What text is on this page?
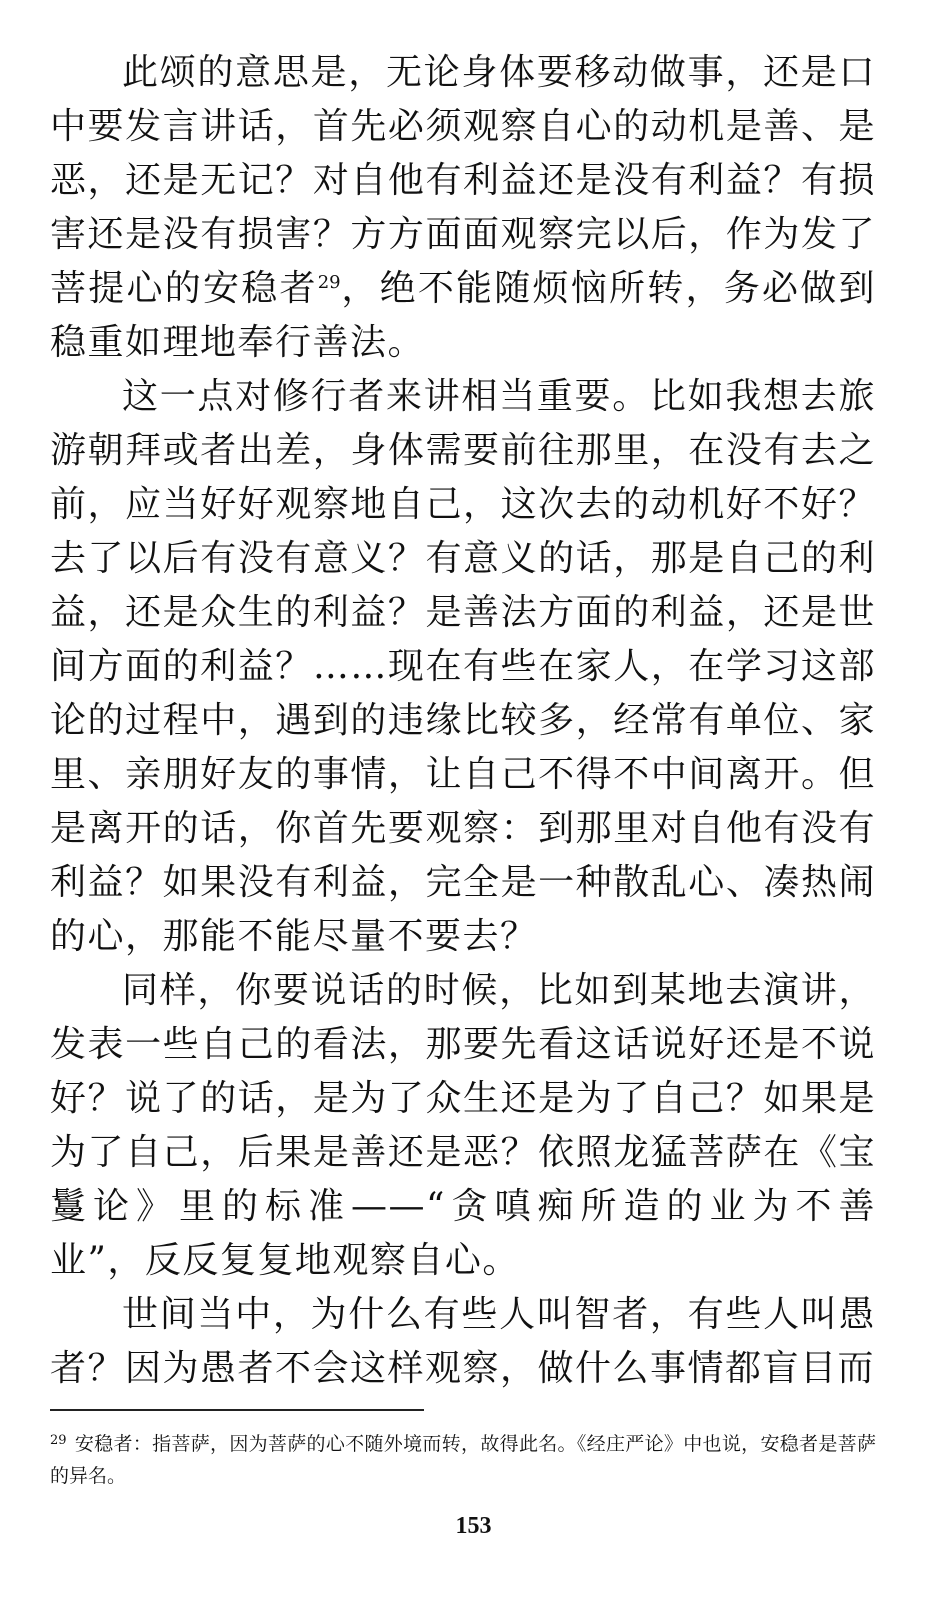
此颂的意思是，无论身体要移动做事，还是口中要发言讲话，首先必须观察自心的动机是善、是恶，还是无记？对自他有利益还是没有利益？有损害还是没有损害？方方面面观察完以后，作为发了菩提心的安稳者$^{29}$，绝不能随烦恼所转，务必做到稳重如理地奉行善法。

这一点对修行者来讲相当重要。比如我想去旅游朝拜或者出差，身体需要前往那里，在没有去之前，应当好好观察地自己，这次去的动机好不好？去了以后有没有意义？有意义的话，那是自己的利益，还是众生的利益？是善法方面的利益，还是世间方面的利益？……现在有些在家人，在学习这部论的过程中，遇到的违缘比较多，经常有单位、家里、亲朋好友的事情，让自己不得不中间离开。但是离开的话，你首先要观察：到那里对自他有没有利益？如果没有利益，完全是一种散乱心、凑热闹的心，那能不能尽量不要去？

同样，你要说话的时候，比如到某地去演讲，发表一些自己的看法，那要先看这话说好还是不说好？说了的话，是为了众生还是为了自己？如果是为了自己，后果是善还是恶？依照龙猛菩萨在《宝鬘论》里的标准——“贪嗔痴所造的业为不善业”，反反复复地观察自心。

世间当中，为什么有些人叫智者，有些人叫愚者？因为愚者不会这样观察，做什么事情都盲目而

$^{29}$ 安稳者：指菩萨，因为菩萨的心不随外境而转，故得此名。《经庄严论》中也说，安稳者是菩萨的异名。
153
